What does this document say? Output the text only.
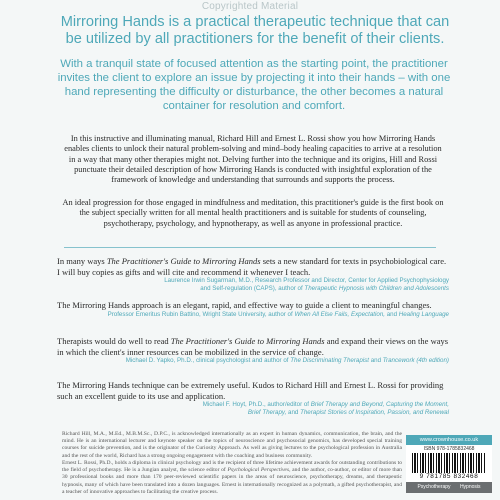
Copyrighted Material
Mirroring Hands is a practical therapeutic technique that can be utilized by all practitioners for the benefit of their clients.
With a tranquil state of focused attention as the starting point, the practitioner invites the client to explore an issue by projecting it into their hands – with one hand representing the difficulty or disturbance, the other becomes a natural container for resolution and comfort.

In this instructive and illuminating manual, Richard Hill and Ernest L. Rossi show you how Mirroring Hands enables clients to unlock their natural problem-solving and mind–body healing capacities to arrive at a resolution in a way that many other therapies might not. Delving further into the technique and its origins, Hill and Rossi punctuate their detailed description of how Mirroring Hands is conducted with insightful exploration of the framework of knowledge and understanding that surrounds and supports the process.

An ideal progression for those engaged in mindfulness and meditation, this practitioner's guide is the first book on the subject specially written for all mental health practitioners and is suitable for students of counseling, psychotherapy, psychology, and hypnotherapy, as well as anyone in professional practice.

In many ways The Practitioner's Guide to Mirroring Hands sets a new standard for texts in psychobiological care. I will buy copies as gifts and will cite and recommend it whenever I teach.

Laurence Irwin Sugarman, M.D., Research Professor and Director, Center for Applied Psychophysiology
and Self-regulation (CAPS), author of Therapeutic Hypnosis with Children and Adolescents

The Mirroring Hands approach is an elegant, rapid, and effective way to guide a client to meaningful changes.

Professor Emeritus Rubin Battino, Wright State University, author of When All Else Fails, Expectation, and Healing Language

Therapists would do well to read The Practitioner's Guide to Mirroring Hands and expand their views on the ways in which the client's inner resources can be mobilized in the service of change.

Michael D. Yapko, Ph.D., clinical psychologist and author of The Discriminating Therapist and Trancework (4th edition)

The Mirroring Hands technique can be extremely useful. Kudos to Richard Hill and Ernest L. Rossi for providing such an excellent guide to its use and application.

Michael F. Hoyt, Ph.D., author/editor of Brief Therapy and Beyond, Capturing the Moment,
Brief Therapy, and Therapist Stories of Inspiration, Passion, and Renewal

Richard Hill, M.A., M.Ed., M.B.M.Sc., D.P.C., is acknowledged internationally as an expert in human dynamics, communication, the brain, and the mind. He is an international lecturer and keynote speaker on the topics of neuroscience and psychosocial genomics, has developed special training courses for suicide prevention, and is the originator of the Curiosity Approach. As well as giving lectures to the psychological profession in Australia and the rest of the world, Richard has a strong ongoing engagement with the coaching and business community.

Ernest L. Rossi, Ph.D., holds a diploma in clinical psychology and is the recipient of three lifetime achievement awards for outstanding contributions to the field of psychotherapy. He is a Jungian analyst, the science editor of Psychological Perspectives, and the author, co-author, or editor of more than 30 professional books and more than 170 peer-reviewed scientific papers in the areas of neuroscience, psychotherapy, dreams, and therapeutic hypnosis, many of which have been translated into a dozen languages. Ernest is internationally recognized as a polymath, a gifted psychotherapist, and a teacher of innovative approaches to facilitating the creative process.

www.crownhouse.co.uk
ISBN 978-1785832468
9 781785 832468
Psychotherapy Hypnosis
